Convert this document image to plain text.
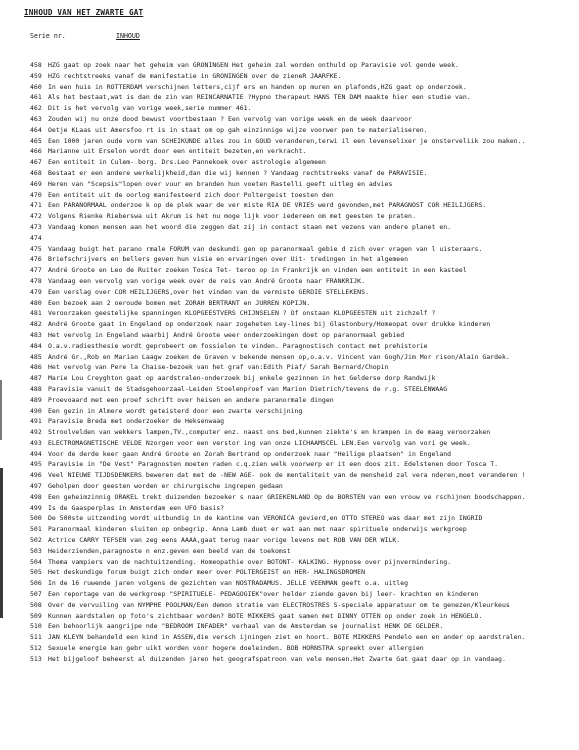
INHOUD VAN HET ZWARTE GAT
Serie nr.	INHOUD
458 HZG gaat op zoek naar het geheim van GRONINGEN Het geheim zal worden onthuld op Paravisie vol gende week.
459 HZG rechtstreeks vanaf de manifestatie in GRONINGEN over de zieneR JAARFKE.
460 In een huis in ROTTERDAM verschijnen letters,cijf ers en handen op muren en plafonds,HZG gaat op onderzoek.
461 Als het bestaat,wat is dan de zin van REINCARNATIE ?Hypno therapeut HANS TEN DAM maakte hier een studie van.
462 Dit is het vervolg van vorige week,serie nummer 461.
463 Zouden wij nu onze dood bewust voortbestaan ? Een vervolg van vorige week en de week daarvoor
464 Oetje KLaas uit Amersfoo rt is in staat om op gah einzinnige wijze voorwer pen te materialiseren.
465 Een 1000 jaren oude vorm van SCHEIKUNDE alles zou in GOUD veranderen,terwi il een levenselixer je onsterveliik zou maken..
466 Marianne uit Erselon wordt door een entiteit bezeten,en verkracht.
467 Een entiteit in Culem- borg. Drs.Leo Pannekoek over astrologie algemeen
468 Bestaat er een andere werkelijkheid,dan die wij kennen ? Vandaag rechtstreeks vanaf de PARAVISIE.
469 Heren van "Scepsis"lopen over vuur en branden hun voeten Rastelli geeft uitleg en advies
470 Een entiteit uit de oorlog manifesteerd zich door Poltergeist toesten den
471 Een PARANORMAAL onderzoe k op de plek waar de ver miste RIA DE VRIES werd gevonden,met PARAGNOST COR HEILIJGERS.
472 Volgens Rienke Rieberswa uit Akrum is het nu moge lijk voor iedereen om met geesten te praten.
473 Vandaag komen mensen aan het woord die zeggen dat zij in contact staan met vezens van andere planet en.
474
475 Vandaag buigt het parano rmale FORUM van deskundi gen op paranormaal gebie d zich over vragen van l uisteraars.
476 Briefschrijvers en bellers geven hun visie en ervaringen over Uit- tredingen in het algemeen
477 André Groote en Leo de Ruiter zoeken Tosca Tet- teroo op in Frankrijk en vinden een entiteit in een kasteel
478 Vandaag een vervolg van vorige week over de reis van André Groote naar FRANKRIJK.
479 Een verslag over COR HEILIJGERS,over het vinden van de vermiste GERDIE STELLEKENS.
480 Een bezoek aan 2 oeroude bomen met ZORAH BERTRANT en JURREN KOPIJN.
481 Veroorzaken geestelijke spanningen KLOPGEESTVERS CHIJNSELEN ? Of onstaan KLOPGEESTEN uit zichzelf ?
482 André Groote gaat in Engeland op onderzoek naar zogeheten Ley-lines bij Glastonbury/Homeopat over drukke kinderen
483 Het vervolg in Engeland waarbij André Groote weer onderzoekingen doet op paranormaal gebied
484 O.a.v.radiesthesie wordt geprobeert om fossielen te vinden. Paragnostisch contact met prehistorie
485 André Gr.,Rob en Marian Laagw zoeken de Graven v bekende mensen op,o.a.v. Vincent van Gogh/Jim Mor rison/Alain Gardek.
486 Het vervolg van Pere la Chaise-bezoek van het graf van:Edith Piaf/ Sarah Bernard/Chopin
487 Marie Lou Creyghton gaat op aardstralen-onderzoek bij enkele gezinnen in het Gelderse dorp Randwijk
488 Paravisie vanuit de Stadsgehoorzaal-Leiden Stoelenproef van Marion Dietrich/tevens de r.g. STEELENWAAG
489 Proevoaard met een proef schrift over heisen en andere paranormale dingen
490 Een gezin in Almere wordt geteisterd door een zwarte verschijning
491 Paravisie Breda met onderzoeker de Heksenwaag
492 Stroolvelden van wekkers lampen,TV.,computer enz. naast ons bed,kunnen ziekte's en krampen in de maag veroorzaken
493 ELECTROMAGNETISCHE VELDE Nzorgen voor een verstor ing van onze LICHAAMSCEL LEN.Een vervolg van vori ge week.
494 Voor de derde keer gaan André Groote en Zorah Bertrand op onderzoek naar "Heilige plaatsen" in Engeland
495 Paravisie in "De Vest" Paragnosten moeten raden c.q.zien welk voorwerp er it een doos zit. Edelstenen door Tosca T.
496 Veel NIEUWE TIJDSDENKERS beweren dat met de -NEW AGE- ook de mentaliteit van de mensheid zal vera nderen,moet veranderen !
497 Geholpen door geesten worden er chirurgische ingrepen gedaan
498 Een geheimzinnig ORAKEL trekt duizenden bezoeker s naar GRIEKENLAND Op de BORSTEN van een vrouw ve rschijnen boodschappen.
499 Is de Gaasperplas in Amsterdam een UFO basis?
500 De 500ste uitzending wordt uitbundig in de kantine van VERONICA gevierd,en OTTO STEREO was daar met zijn INGRID
501 Paranormaal kinderen sluiten op onbegrip. Anna Lamb duet er wat aan met naar spirituele onderwijs werkgroep
502 Actrice CARRY TEFSEN van zeg eens AAAA,gaat terug naar vorige levens met ROB VAN DER WILK.
503 Heiderzienden,paragnoste n enz.geven een beeld van de toekomst
504 Thema vampiers van de nachtuitzending. Homeopathie over BOTONT- KALKING. Hypnose over pijnvermindering.
505 Het deskundige forum buigt zich onder meer over POLTERGEIST en HER- HALINGSDROMEN
506 In de 16 ruwende jaren volgens de gezichten van NOSTRADAMUS. JELLE VEENMAN geeft o.a. uitleg
507 Een reportage van de werkgroep "SPIRITUELE- PEDAGOGIEK"over helder ziende gaven bij leer- krachten en kinderen
508 Over de vervuiling van NYMPHE POOLMAN/Een demon stratie van ELECTROSTRES S-speciale apparatuur om te genezen/Kleurkeus
509 Kunnen aardstalen op foto's zichtbaar worden? BOTE MIKKERS gaat samen met DINNY OTTEN op onder zoek in HENGELO.
510 Een behoorlijk aangrijpe nde "BEDROOM INFADER" verhaal van de Amsterdam se journalist HENK DE GELDER.
511 JAN KLEYN behandeld een kind in ASSEN,die versch ijningen ziet en hoort. BOTE MIKKERS Pendelo een en ander op aardstralen.
512 Sexuele energie kan gebr uikt worden voor hogere doeleinden. BOB HORNSTRA spreekt over allergien
513 Het bijgeloof beheerst al duizenden jaren het geografspatroon van vele mensen.Het Zwarte Gat gaat daar op in vandaag.
